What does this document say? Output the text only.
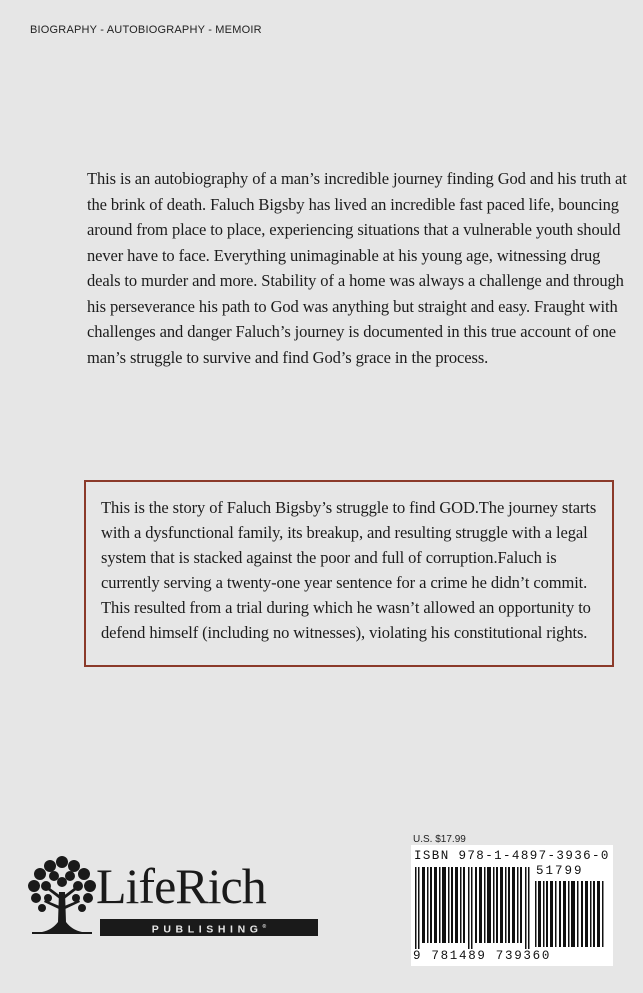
BIOGRAPHY - AUTOBIOGRAPHY - MEMOIR

This is an autobiography of a man’s incredible journey finding God and his truth at the brink of death. Faluch Bigsby has lived an incredible fast paced life, bouncing around from place to place, experiencing situations that a vulnerable youth should never have to face. Everything unimaginable at his young age, witnessing drug deals to murder and more. Stability of a home was always a challenge and through his perseverance his path to God was anything but straight and easy. Fraught with challenges and danger Faluch’s journey is documented in this true account of one man’s struggle to survive and find God’s grace in the process.

This is the story of Faluch Bigsby’s struggle to find GOD.The journey starts with a dysfunctional family, its breakup, and resulting struggle with a legal system that is stacked against the poor and full of corruption.Faluch is currently serving a twenty-one year sentence for a crime he didn’t commit. This resulted from a trial during which he wasn’t allowed an opportunity to defend himself (including no witnesses), violating his constitutional rights.
LifeRich
PUBLISHING®
U.S. $17.99
ISBN 978-1-4897-3936-0
51799
9 781489 739360
